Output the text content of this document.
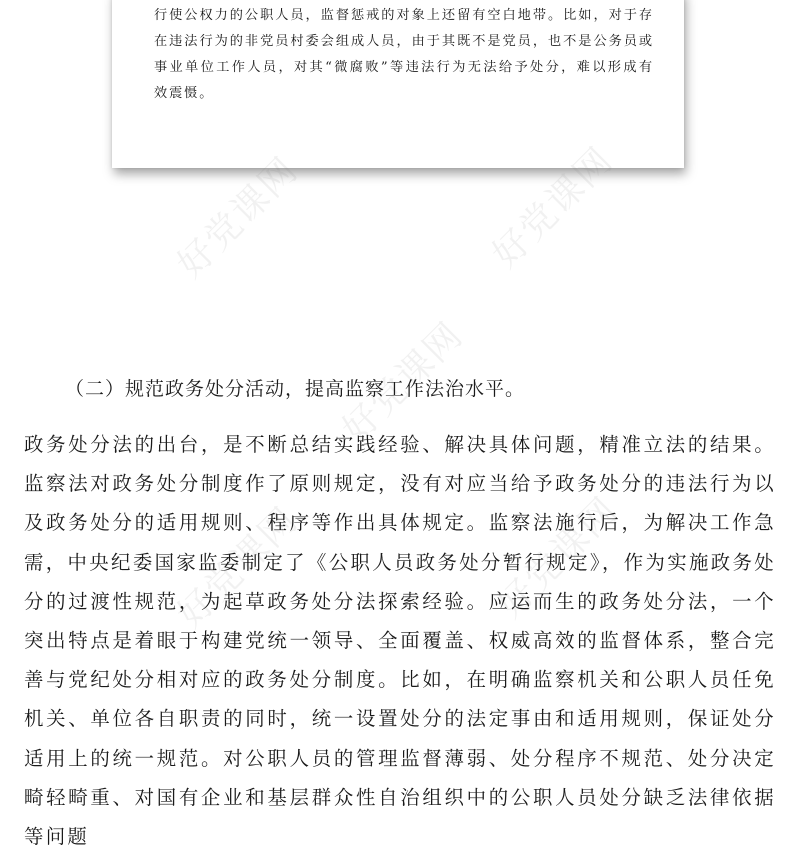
行使公权力的公职人员，监督惩戒的对象上还留有空白地带。比如，对于存在违法行为的非党员村委会组成人员，由于其既不是党员，也不是公务员或事业单位工作人员，对其“微腐败”等违法行为无法给予处分，难以形成有效震慑。
好党课网	好党课网
好党课网
好党课网	好党课网

（二）规范政务处分活动，提高监察工作法治水平。

政务处分法的出台，是不断总结实践经验、解决具体问题，精准立法的结果。监察法对政务处分制度作了原则规定，没有对应当给予政务处分的违法行为以及政务处分的适用规则、程序等作出具体规定。监察法施行后，为解决工作急需，中央纪委国家监委制定了《公职人员政务处分暂行规定》，作为实施政务处分的过渡性规范，为起草政务处分法探索经验。应运而生的政务处分法，一个突出特点是着眼于构建党统一领导、全面覆盖、权威高效的监督体系，整合完善与党纪处分相对应的政务处分制度。比如，在明确监察机关和公职人员任免机关、单位各自职责的同时，统一设置处分的法定事由和适用规则，保证处分适用上的统一规范。对公职人员的管理监督薄弱、处分程序不规范、处分决定畸轻畸重、对国有企业和基层群众性自治组织中的公职人员处分缺乏法律依据等问题
